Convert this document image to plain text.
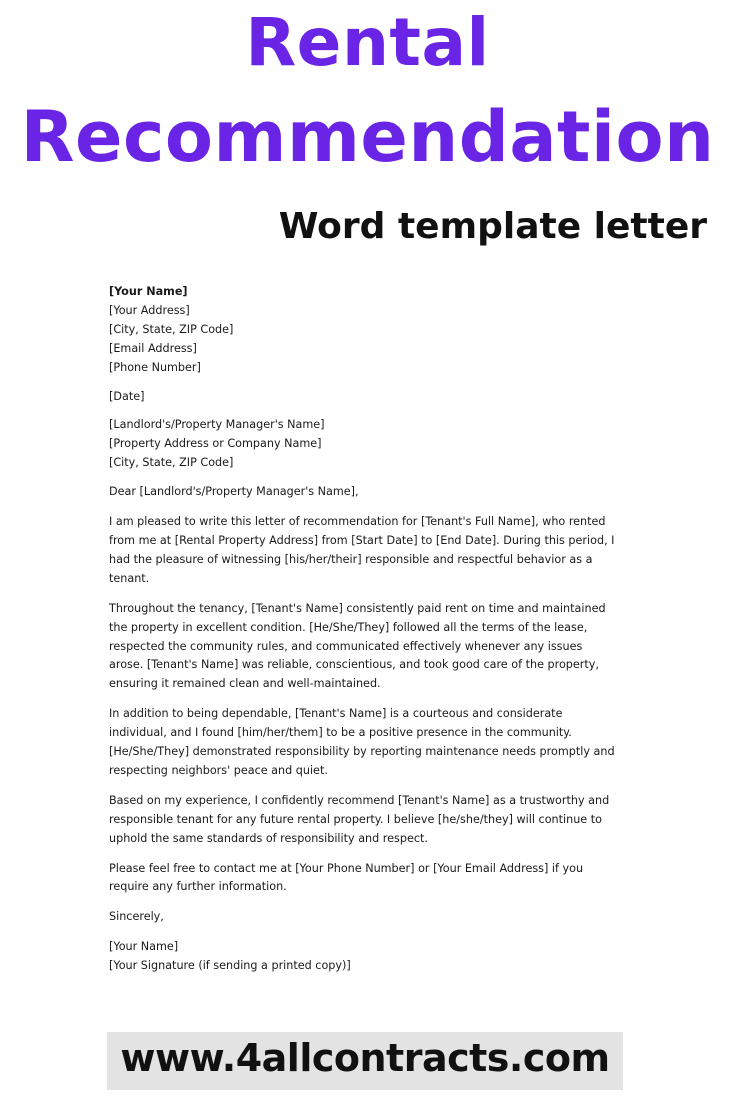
Rental
Recommendation
Word template letter
[Your Name]
[Your Address]
[City, State, ZIP Code]
[Email Address]
[Phone Number]
[Date]
[Landlord's/Property Manager's Name]
[Property Address or Company Name]
[City, State, ZIP Code]
Dear [Landlord's/Property Manager's Name],

I am pleased to write this letter of recommendation for [Tenant's Full Name], who rented from me at [Rental Property Address] from [Start Date] to [End Date]. During this period, I had the pleasure of witnessing [his/her/their] responsible and respectful behavior as a tenant.

Throughout the tenancy, [Tenant's Name] consistently paid rent on time and maintained the property in excellent condition. [He/She/They] followed all the terms of the lease, respected the community rules, and communicated effectively whenever any issues arose. [Tenant's Name] was reliable, conscientious, and took good care of the property, ensuring it remained clean and well-maintained.

In addition to being dependable, [Tenant's Name] is a courteous and considerate individual, and I found [him/her/them] to be a positive presence in the community. [He/She/They] demonstrated responsibility by reporting maintenance needs promptly and respecting neighbors' peace and quiet.

Based on my experience, I confidently recommend [Tenant's Name] as a trustworthy and responsible tenant for any future rental property. I believe [he/she/they] will continue to uphold the same standards of responsibility and respect.

Please feel free to contact me at [Your Phone Number] or [Your Email Address] if you require any further information.

Sincerely,
[Your Name]
[Your Signature (if sending a printed copy)]

www.4allcontracts.com
